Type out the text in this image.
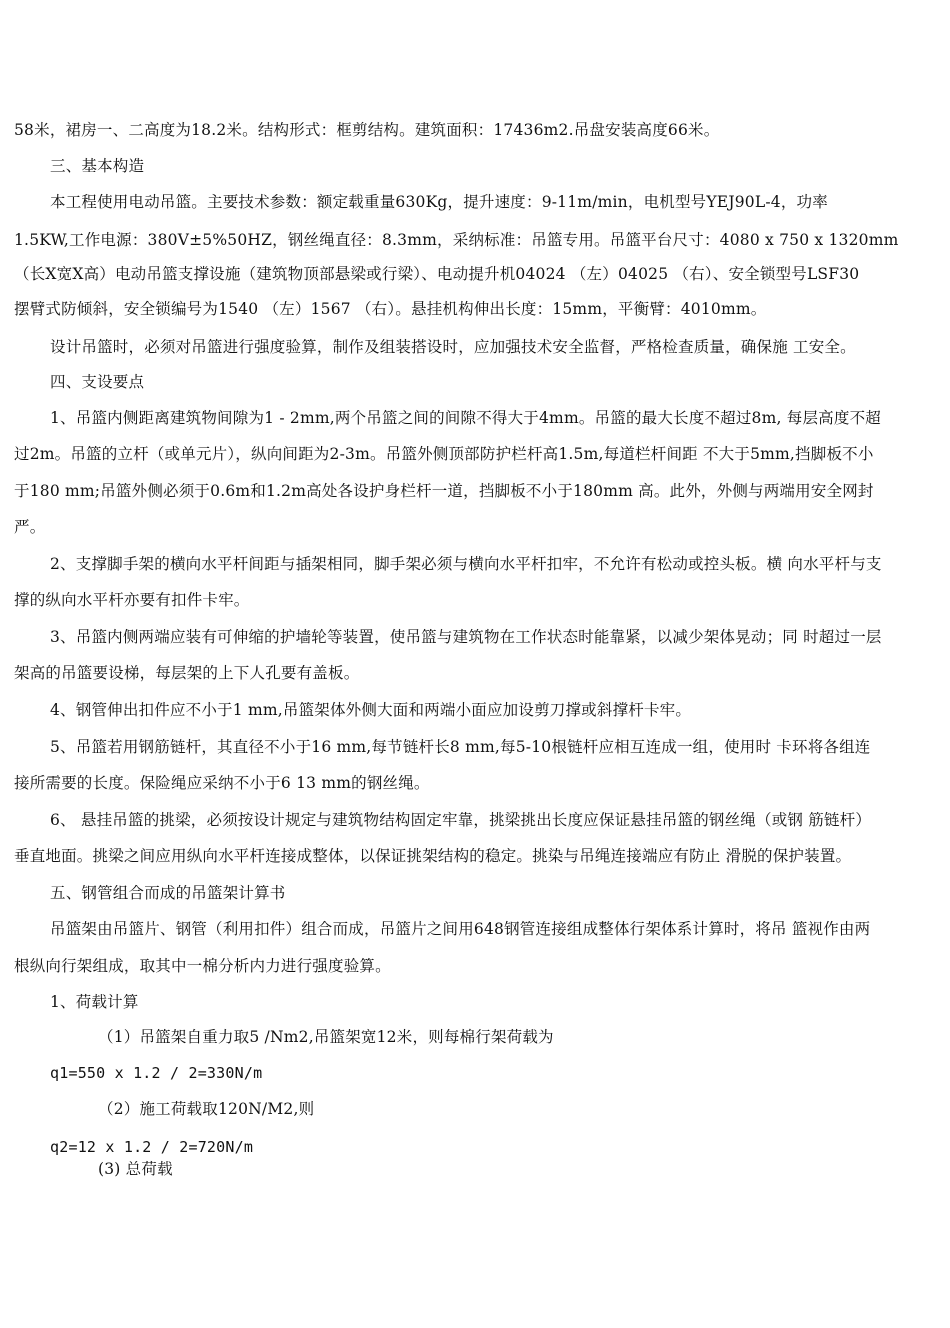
58米，裙房一、二高度为18.2米。结构形式：框剪结构。建筑面积：17436m2.吊盘安装高度66米。

三、基本构造

本工程使用电动吊篮。主要技术参数：额定载重量630Kg，提升速度：9-11m/min，电机型号YEJ90L-4，功率

1.5KW,工作电源：380V±5%50HZ，钢丝绳直径：8.3mm，采纳标准：吊篮专用。吊篮平台尺寸：4080 x 750 x 1320mm

（长X宽X高）电动吊篮支撑设施（建筑物顶部悬梁或行梁）、电动提升机04024 （左）04025 （右）、安全锁型号LSF30

摆臂式防倾斜，安全锁编号为1540 （左）1567 （右）。悬挂机构伸出长度：15mm，平衡臂：4010mm。

设计吊篮时，必须对吊篮进行强度验算，制作及组装搭设时，应加强技术安全监督，严格检查质量，确保施 工安全。

四、支设要点

1、吊篮内侧距离建筑物间隙为1 - 2mm,两个吊篮之间的间隙不得大于4mm。吊篮的最大长度不超过8m, 每层高度不超

过2m。吊篮的立杆（或单元片），纵向间距为2-3m。吊篮外侧顶部防护栏杆高1.5m,每道栏杆间距 不大于5mm,挡脚板不小

于180 mm;吊篮外侧必须于0.6m和1.2m高处各设护身栏杆一道，挡脚板不小于180mm 高。此外，外侧与两端用安全网封

严。

2、支撑脚手架的横向水平杆间距与插架相同，脚手架必须与横向水平杆扣牢，不允许有松动或控头板。横 向水平杆与支

撑的纵向水平杆亦要有扣件卡牢。

3、吊篮内侧两端应装有可伸缩的护墙轮等装置，使吊篮与建筑物在工作状态时能靠紧，以减少架体晃动；同 时超过一层

架高的吊篮要设梯，每层架的上下人孔要有盖板。

4、钢管伸出扣件应不小于1 mm,吊篮架体外侧大面和两端小面应加设剪刀撑或斜撑杆卡牢。

5、吊篮若用钢筋链杆，其直径不小于16 mm,每节链杆长8 mm,每5-10根链杆应相互连成一组，使用时 卡环将各组连

接所需要的长度。保险绳应采纳不小于6 13 mm的钢丝绳。

6、 悬挂吊篮的挑梁，必须按设计规定与建筑物结构固定牢靠，挑梁挑出长度应保证悬挂吊篮的钢丝绳（或钢 筋链杆）

垂直地面。挑梁之间应用纵向水平杆连接成整体，以保证挑架结构的稳定。挑染与吊绳连接端应有防止 滑脱的保护装置。

五、钢管组合而成的吊篮架计算书

吊篮架由吊篮片、钢管（利用扣件）组合而成，吊篮片之间用648钢管连接组成整体行架体系计算时，将吊 篮视作由两

根纵向行架组成，取其中一棉分析内力进行强度验算。

1、荷载计算

（1）吊篮架自重力取5 /Nm2,吊篮架宽12米，则每棉行架荷载为

q1=550 x 1.2 / 2=330N/m

（2）施工荷载取120N/M2,则

q2=12 x 1.2 / 2=720N/m

(3) 总荷载
